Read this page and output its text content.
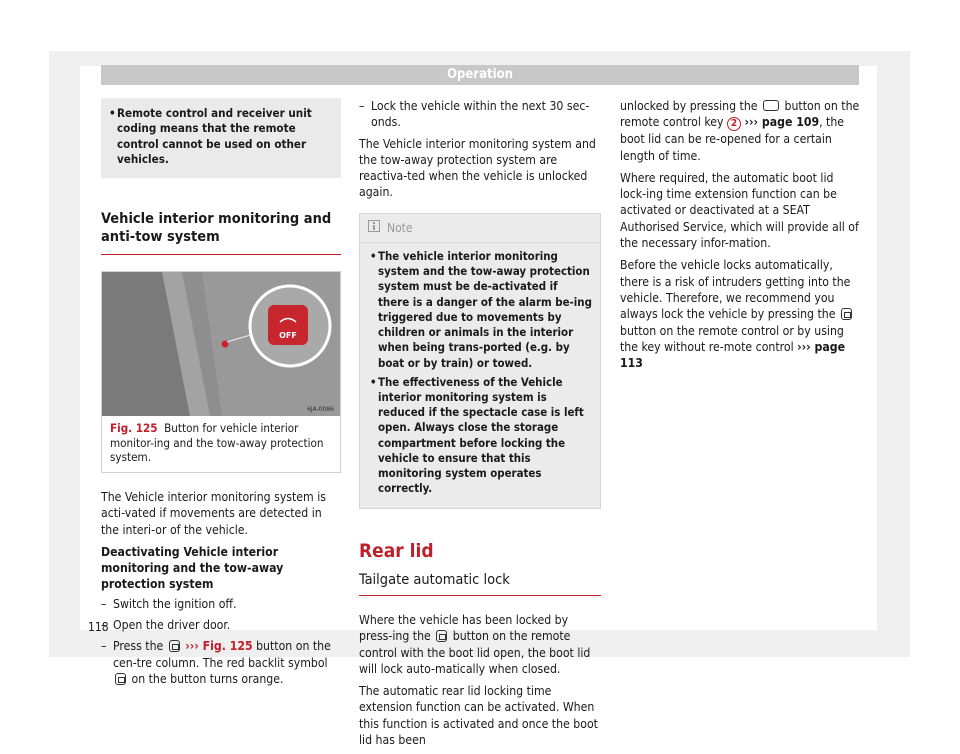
Operation
• Remote control and receiver unit coding means that the remote control cannot be used on other vehicles.
Vehicle interior monitoring and anti-tow system
OFF
6JA-0086
Fig. 125 Button for vehicle interior monitor-ing and the tow-away protection system.

The Vehicle interior monitoring system is acti-vated if movements are detected in the interi-or of the vehicle.

Deactivating Vehicle interior monitoring and the tow-away protection system

– Switch the ignition off.
– Open the driver door.
– Press the ››› Fig. 125 button on the cen-tre column. The red backlit symbol  on the button turns orange.
– Lock the vehicle within the next 30 sec-onds.

The Vehicle interior monitoring system and the tow-away protection system are reactiva-ted when the vehicle is unlocked again.

Note
• The vehicle interior monitoring system and the tow-away protection system must be de-activated if there is a danger of the alarm be-ing triggered due to movements by children or animals in the interior when being trans-ported (e.g. by boat or by train) or towed.
• The effectiveness of the Vehicle interior monitoring system is reduced if the spectacle case is left open. Always close the storage compartment before locking the vehicle to ensure that this monitoring system operates correctly.
Rear lid
Tailgate automatic lock

Where the vehicle has been locked by press-ing the button on the remote control with the boot lid open, the boot lid will lock auto-matically when closed.

The automatic rear lid locking time extension function can be activated. When this function is activated and once the boot lid has been

unlocked by pressing the button on the remote control key 2 ››› page 109, the boot lid can be re-opened for a certain length of time.

Where required, the automatic boot lid lock-ing time extension function can be activated or deactivated at a SEAT Authorised Service, which will provide all of the necessary infor-mation.

Before the vehicle locks automatically, there is a risk of intruders getting into the vehicle. Therefore, we recommend you always lock the vehicle by pressing the  button on the remote control or by using the key without re-mote control ››› page 113

118
